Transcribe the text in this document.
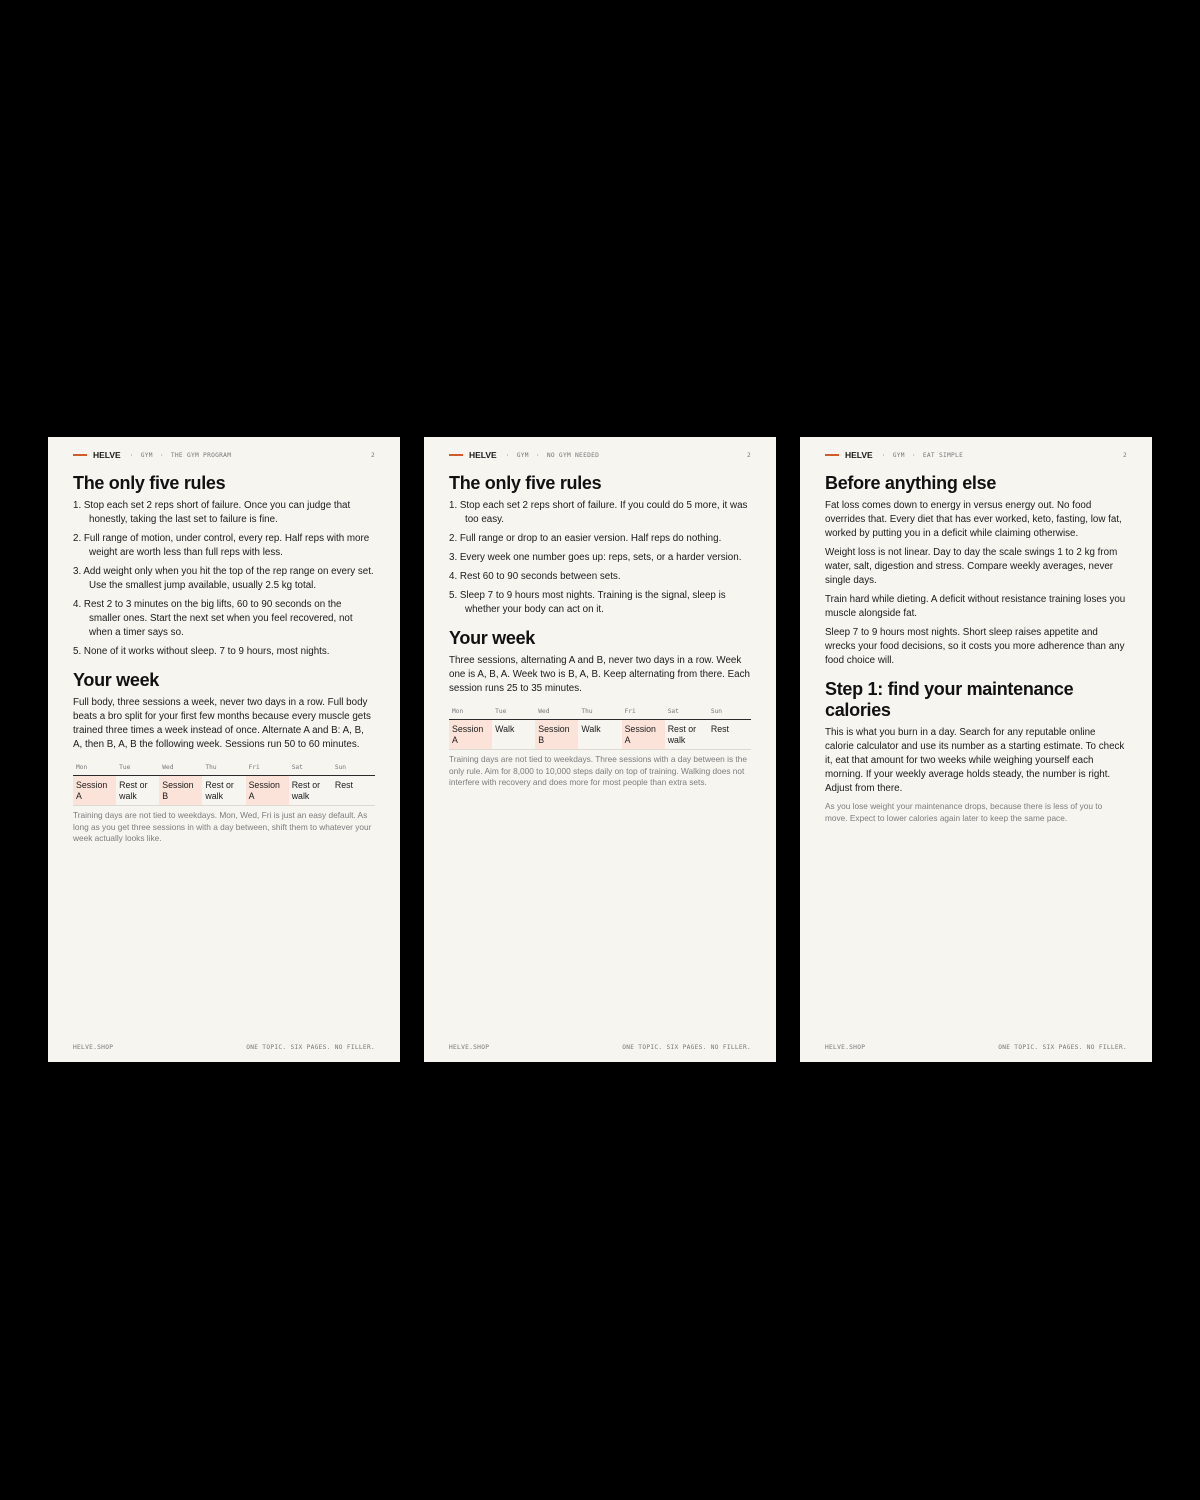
HELVE · GYM · THE GYM PROGRAM	2
The only five rules
1. Stop each set 2 reps short of failure. Once you can judge that honestly, taking the last set to failure is fine.
2. Full range of motion, under control, every rep. Half reps with more weight are worth less than full reps with less.
3. Add weight only when you hit the top of the rep range on every set. Use the smallest jump available, usually 2.5 kg total.
4. Rest 2 to 3 minutes on the big lifts, 60 to 90 seconds on the smaller ones. Start the next set when you feel recovered, not when a timer says so.
5. None of it works without sleep. 7 to 9 hours, most nights.
Your week

Full body, three sessions a week, never two days in a row. Full body beats a bro split for your first few months because every muscle gets trained three times a week instead of once. Alternate A and B: A, B, A, then B, A, B the following week. Sessions run 50 to 60 minutes.

Mon	Tue	Wed	Thu	Fri	Sat	Sun
Session A	Rest or walk	Session B	Rest or walk	Session A	Rest or walk	Rest

Training days are not tied to weekdays. Mon, Wed, Fri is just an easy default. As long as you get three sessions in with a day between, shift them to whatever your week actually looks like.

HELVE.SHOP	ONE TOPIC. SIX PAGES. NO FILLER.
HELVE · GYM · NO GYM NEEDED	2
The only five rules
1. Stop each set 2 reps short of failure. If you could do 5 more, it was too easy.
2. Full range or drop to an easier version. Half reps do nothing.
3. Every week one number goes up: reps, sets, or a harder version.
4. Rest 60 to 90 seconds between sets.
5. Sleep 7 to 9 hours most nights. Training is the signal, sleep is whether your body can act on it.
Your week

Three sessions, alternating A and B, never two days in a row. Week one is A, B, A. Week two is B, A, B. Keep alternating from there. Each session runs 25 to 35 minutes.

Mon	Tue	Wed	Thu	Fri	Sat	Sun
Session A	Walk	Session B	Walk	Session A	Rest or walk	Rest

Training days are not tied to weekdays. Three sessions with a day between is the only rule. Aim for 8,000 to 10,000 steps daily on top of training. Walking does not interfere with recovery and does more for most people than extra sets.

HELVE.SHOP	ONE TOPIC. SIX PAGES. NO FILLER.
HELVE · GYM · EAT SIMPLE	2
Before anything else

Fat loss comes down to energy in versus energy out. No food overrides that. Every diet that has ever worked, keto, fasting, low fat, worked by putting you in a deficit while claiming otherwise.

Weight loss is not linear. Day to day the scale swings 1 to 2 kg from water, salt, digestion and stress. Compare weekly averages, never single days.

Train hard while dieting. A deficit without resistance training loses you muscle alongside fat.

Sleep 7 to 9 hours most nights. Short sleep raises appetite and wrecks your food decisions, so it costs you more adherence than any food choice will.

Step 1: find your maintenance calories

This is what you burn in a day. Search for any reputable online calorie calculator and use its number as a starting estimate. To check it, eat that amount for two weeks while weighing yourself each morning. If your weekly average holds steady, the number is right. Adjust from there.

As you lose weight your maintenance drops, because there is less of you to move. Expect to lower calories again later to keep the same pace.

HELVE.SHOP	ONE TOPIC. SIX PAGES. NO FILLER.
